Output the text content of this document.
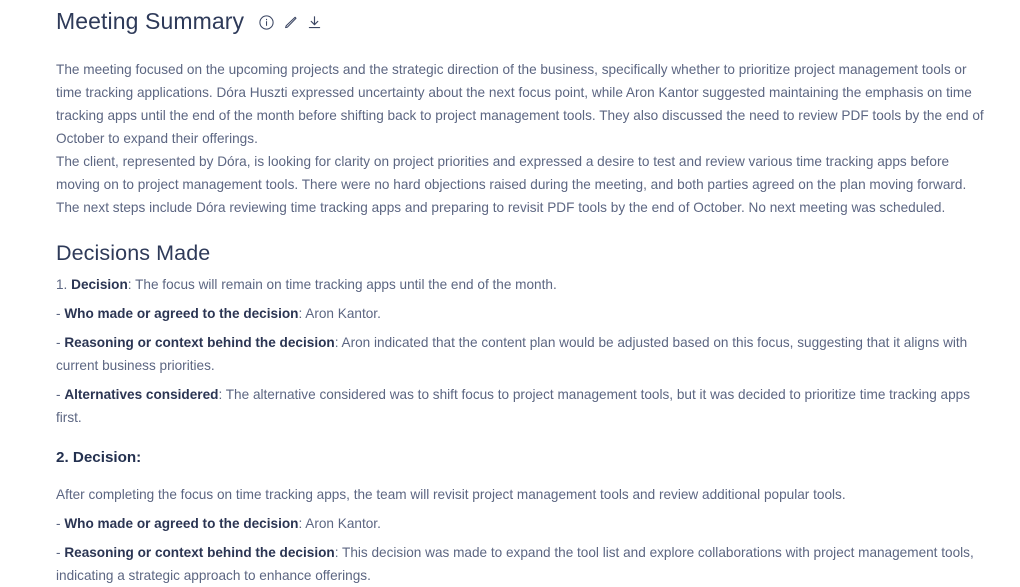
Meeting Summary

The meeting focused on the upcoming projects and the strategic direction of the business, specifically whether to prioritize project management tools or time tracking applications. Dóra Huszti expressed uncertainty about the next focus point, while Aron Kantor suggested maintaining the emphasis on time tracking apps until the end of the month before shifting back to project management tools. They also discussed the need to review PDF tools by the end of October to expand their offerings.

The client, represented by Dóra, is looking for clarity on project priorities and expressed a desire to test and review various time tracking apps before moving on to project management tools. There were no hard objections raised during the meeting, and both parties agreed on the plan moving forward. The next steps include Dóra reviewing time tracking apps and preparing to revisit PDF tools by the end of October. No next meeting was scheduled.

Decisions Made

1. Decision: The focus will remain on time tracking apps until the end of the month.

- Who made or agreed to the decision: Aron Kantor.

- Reasoning or context behind the decision: Aron indicated that the content plan would be adjusted based on this focus, suggesting that it aligns with current business priorities.

- Alternatives considered: The alternative considered was to shift focus to project management tools, but it was decided to prioritize time tracking apps first.

2. Decision:

After completing the focus on time tracking apps, the team will revisit project management tools and review additional popular tools.

- Who made or agreed to the decision: Aron Kantor.

- Reasoning or context behind the decision: This decision was made to expand the tool list and explore collaborations with project management tools, indicating a strategic approach to enhance offerings.
